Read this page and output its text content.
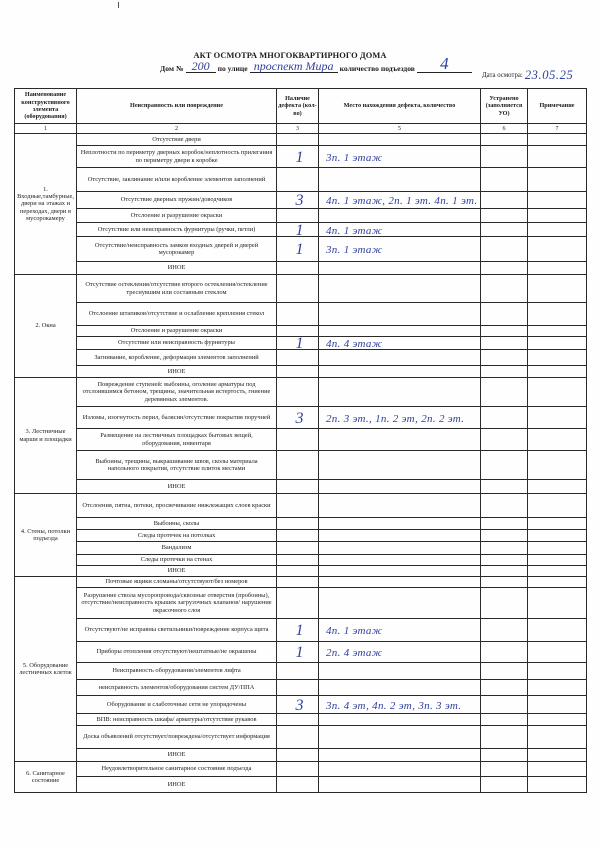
АКТ ОСМОТРА МНОГОКВАРТИРНОГО ДОМА
Дом № 200	по улице проспект Мира количество подъездов	4
Дата осмотра: 23.05.25
Наименование конструктивного элемента (оборудования)	Неисправность или повреждение	Наличие дефекта (кол-во)	Место нахождения дефекта, количество	Устранено (заполняется УО)	Примечание
1	2	3	5	6	7
1. Входные,тамбурные, двери на этажах и переходах, двери в мусорокамеру	Отсутствие двери				
	Неплотности по периметру дверных коробок/неплотность прилегания по периметру двери к коробке	1	3п. 1 этаж		

	Отсутствие, заклинание и/или коробление элементов заполнений				
	Отсутствие дверных пружин/доводчиков	3	4п. 1 этаж, 2п. 1 эт. 4п. 1 эт.		

	Отслоение и разрушение окраски				
	Отсутствие или неисправность фурнитуры (ручки, петли)	1	4п. 1 этаж		

	Отсутствие/неисправность замков входных дверей и дверей мусорокамер	1	3п. 1 этаж		

	ИНОЕ				
2. Окна	Отсутствие остекления/отсутствие второго остекления/остекление треснувшим или составным стеклом				
	Отслоение штапиков/отсутствие и ослабление крепления стекол				
	Отслоение и разрушение окраски				
	Отсутствие или неисправность фурнитуры	1	4п. 4 этаж		

	Загнивание, коробление, деформация элементов заполнений				
	ИНОЕ				
3. Лестничные марши и площадки	Повреждение ступеней: выбоины, оголение арматуры под отслоившимся бетоном, трещины, значительная истертость, гниение деревянных элементов.				
	Изломы, изогнутость перил, балясин/отсутствие покрытия поручней	3	2п. 3 эт., 1п. 2 эт, 2п. 2 эт.		

	Размещение на лестничных площадках бытовых вещей, оборудования, инвентаря				
	Выбоины, трещины, выкрашивание швов, сколы материала напольного покрытия, отсутствие плиток местами				
	ИНОЕ				
4. Стены, потолки подъезда	Отслоения, пятна, потеки, просвечивание нижлежащих слоев краски				
	Выбоины, сколы				
	Следы протечек на потолках				
	Вандализм				
	Следы протечки на стенах				
	ИНОЕ				
5. Оборудование лестничных клеток	Почтовые ящики сломаны/отсутствуют/без номеров				
	Разрушение ствола мусоропровода/сквозные отверстия (пробоины), отсутствие/неисправность крышек загрузочных клапанов/ нарушение окрасочного слоя				
	Отсутствуют/не исправны светильники/повреждение корпуса щита	1	4п. 1 этаж		

	Приборы отопления отсутствуют/нештатные/не окрашены	1	2п. 4 этаж		

	Неисправность оборудования/элементов лифта				
	неисправность элементов/оборудования систем ДУ/ППА				
	Оборудование и слаботочные сети не упорядочены	3	3п. 4 эт, 4п. 2 эт, 3п. 3 эт.		

	ВПВ: неисправность шкафа/ арматуры/отсутствие рукавов				
	Доска объявлений отсутствует/повреждена/отсутствует информация				
	ИНОЕ				
6. Санитарное состояние	Неудовлетворительное санитарное состояние подъезда				
	ИНОЕ				
